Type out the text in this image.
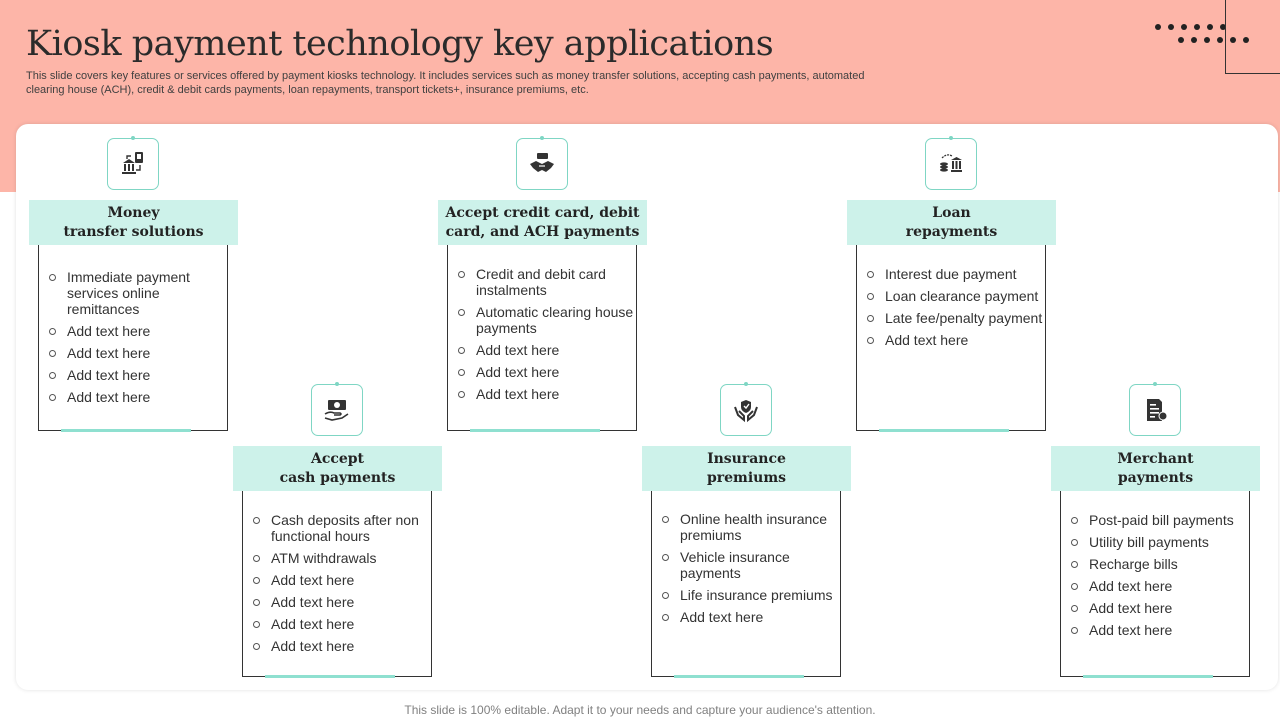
Kiosk payment technology key applications

This slide covers key features or services offered by payment kiosks technology. It includes services such as money transfer solutions, accepting cash payments, automated clearing house (ACH), credit & debit cards payments, loan repayments, transport tickets+, insurance premiums, etc.

Money
transfer solutions
Immediate payment services online remittances
Add text here
Add text here
Add text here
Add text here
Accept
cash payments
Cash deposits after non functional hours
ATM withdrawals
Add text here
Add text here
Add text here
Add text here
Accept credit card, debit
card, and ACH payments
Credit and debit card instalments
Automatic clearing house payments
Add text here
Add text here
Add text here
Insurance
premiums
Online health insurance premiums
Vehicle insurance payments
Life insurance premiums
Add text here
Loan
repayments
Interest due payment
Loan clearance payment
Late fee/penalty payment
Add text here
Merchant
payments
Post-paid bill payments
Utility bill payments
Recharge bills
Add text here
Add text here
Add text here
This slide is 100% editable. Adapt it to your needs and capture your audience's attention.
